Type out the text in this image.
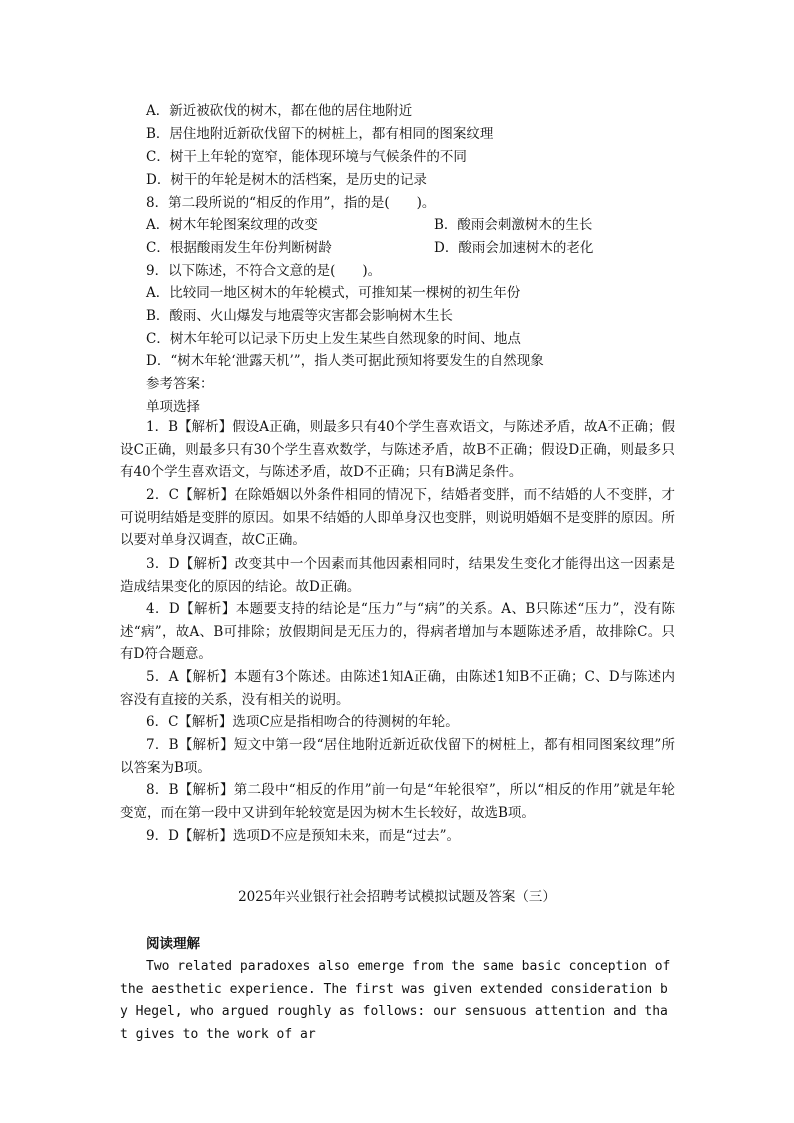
A．新近被砍伐的树木，都在他的居住地附近
B．居住地附近新砍伐留下的树桩上，都有相同的图案纹理
C．树干上年轮的宽窄，能体现环境与气候条件的不同
D．树干的年轮是树木的活档案，是历史的记录
8．第二段所说的“相反的作用”，指的是(　　)。
A．树木年轮图案纹理的改变	B．酸雨会刺激树木的生长
C．根据酸雨发生年份判断树龄	D．酸雨会加速树木的老化
9．以下陈述，不符合文意的是(　　)。
A．比较同一地区树木的年轮模式，可推知某一棵树的初生年份
B．酸雨、火山爆发与地震等灾害都会影响树木生长
C．树木年轮可以记录下历史上发生某些自然现象的时间、地点
D．“树木年轮‘泄露天机’”，指人类可据此预知将要发生的自然现象
参考答案：
单项选择
1．B【解析】假设A正确，则最多只有40个学生喜欢语文，与陈述矛盾，故A不正确；假设C正确，则最多只有30个学生喜欢数学，与陈述矛盾，故B不正确；假设D正确，则最多只有40个学生喜欢语文，与陈述矛盾，故D不正确；只有B满足条件。
2．C【解析】在除婚姻以外条件相同的情况下，结婚者变胖，而不结婚的人不变胖，才可说明结婚是变胖的原因。如果不结婚的人即单身汉也变胖，则说明婚姻不是变胖的原因。所以要对单身汉调查，故C正确。
3．D【解析】改变其中一个因素而其他因素相同时，结果发生变化才能得出这一因素是造成结果变化的原因的结论。故D正确。
4．D【解析】本题要支持的结论是“压力”与“病”的关系。A、B只陈述“压力”，没有陈述“病”，故A、B可排除；放假期间是无压力的，得病者增加与本题陈述矛盾，故排除C。只有D符合题意。
5．A【解析】本题有3个陈述。由陈述1知A正确，由陈述1知B不正确；C、D与陈述内容没有直接的关系，没有相关的说明。
6．C【解析】选项C应是指相吻合的待测树的年轮。
7．B【解析】短文中第一段“居住地附近新近砍伐留下的树桩上，都有相同图案纹理”所以答案为B项。
8．B【解析】第二段中“相反的作用”前一句是“年轮很窄”，所以“相反的作用”就是年轮变宽，而在第一段中又讲到年轮较宽是因为树木生长较好，故选B项。
9．D【解析】选项D不应是预知未来，而是“过去”。
2025年兴业银行社会招聘考试模拟试题及答案（三）
阅读理解
Two related paradoxes also emerge from the same basic conception of the aesthetic experience. The first was given extended consideration by Hegel, who argued roughly as follows: our sensuous attention and that gives to the work of ar
